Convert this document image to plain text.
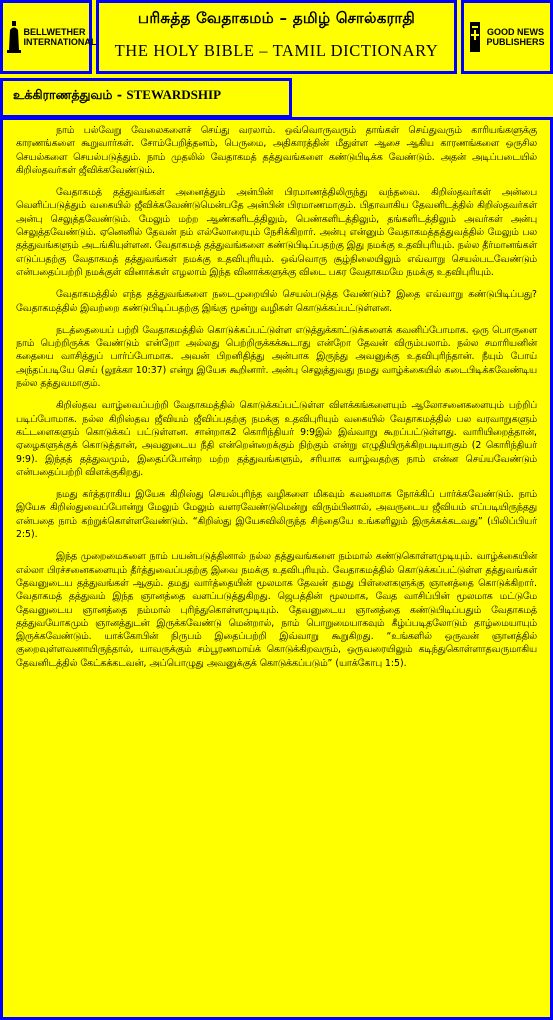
BELLWETHER INTERNATIONAL
பரிசுத்த வேதாகமம் – தமிழ் சொல்கராதி
THE HOLY BIBLE – TAMIL DICTIONARY
GOOD NEWS PUBLISHERS
உக்கிராணத்துவம் - STEWARDSHIP

நாம் பல்வேறு வேலைகளைச் செய்து வரலாம். ஒவ்வொருவரும் தாங்கள் செய்துவரும் காரியங்களுக்கு காரணங்களை கூறுவார்கள். சோம்பேறித்தனம், பெருமை, அதிகாரத்தின் மீதுள்ள ஆசை ஆகிய காரணங்களை ஒருசில செயல்களை செயல்படுத்தும். நாம் முதலில் வேதாகமத் தத்துவங்களை கண்டுபிடிக்க வேண்டும். அதன் அடிப்படையில் கிறிஸ்தவர்கள் ஜீவிக்கவேண்டும்.

வேதாகமத் தத்துவங்கள் அனைத்தும் அன்பின் பிரமாணத்திலிருந்து வந்தவை. கிறிஸ்தவர்கள் அன்பை வெளிப்படுத்தும் வகையில் ஜீவிக்கவேண்டுமென்பதே அன்பின் பிரமாணமாகும். பிதாவாகிய தேவனிடத்தில் கிறிஸ்தவர்கள் அன்பு செலுத்தவேண்டும். மேலும் மற்ற ஆண்களிடத்திலும், பெண்களிடத்திலும், தங்களிடத்திலும் அவர்கள் அன்பு செலுத்தவேண்டும். ஏனெனில் தேவன் நம் எல்லோரையும் நேசிக்கிறார். அன்பு என்னும் வேதாகமத்தத்துவத்தில் மேலும் பல தத்துவங்களும் அடங்கியுள்ளன. வேதாகமத் தத்துவங்களை கண்டுபிடிப்பதற்கு இது நமக்கு உதவிபுரியும். நல்ல தீர்மானங்கள் எடுப்பதற்கு வேதாகமத் தத்துவங்கள் நமக்கு உதவிபுரியும். ஒவ்வொரு சூழ்நிலையிலும் எவ்வாறு செயல்படவேண்டும் என்பதைப்பற்றி நமக்குள் வினாக்கள் எழலாம் இந்த வினாக்களுக்கு விடை பகர வேதாகமமே நமக்கு உதவிபுரியும்.

வேதாகமத்தில் எந்த தத்துவங்களை நடைமுறையில் செயல்படுத்த வேண்டும்? இதை எவ்வாறு கண்டுபிடிப்பது? வேதாகமத்தில் இவற்றை கண்டுபிடிப்பதற்கு இங்கு மூன்று வழிகள் கொடுக்கப்பட்டுள்ளன.

நடத்தையைப் பற்றி வேதாகமத்தில் கொடுக்கப்பட்டுள்ள எடுத்துக்காட்டுக்களைக் கவனிப்போமாக. ஒரு பொருளை நாம் பெற்றிருக்க வேண்டும் என்றோ அல்லது பெற்றிருக்கக்கூடாது என்றோ தேவன் விரும்பலாம். நல்ல சமாரியனின் கதையை வாசித்துப் பார்ப்போமாக. அவன் பிறனிதித்து அன்பாக இருந்து அவனுக்கு உதவிபுரிந்தான். நீயும் போய் அந்தப்படியே செய் (லூக்கா 10:37) என்று இயேசு கூறினார். அன்பு செலுத்துவது நமது வாழ்க்கையில் கடைபிடிக்கவேண்டிய நல்ல தத்துவமாகும்.

கிறிஸ்தவ வாழ்வைப்பற்றி வேதாகமத்தில் கொடுக்கப்பட்டுள்ள விளக்கங்களையும் ஆலோசனைகளையும் பற்றிப் படிப்போமாக. நல்ல கிறிஸ்தவ ஜீவியம் ஜீவிப்பதற்கு நமக்கு உதவிபுரியும் வகையில் வேதாகமத்தில் பல வரவாறுகளும் கட்டளைகளும் கொடுக்கப் பட்டுள்ளன. சான்றாக2 கொரிந்தியர் 9:9இல் இவ்வாறு கூறப்பட்டுள்ளது. வாரியிறைத்தான், ஏழைகளுக்குக் கொடுத்தான், அவனுடைய நீதி என்றென்றைக்கும் நிற்கும் என்று எழுதியிருக்கிறபடியாகும் (2 கொரிந்தியர் 9:9). இந்தத் தத்துவமும், இதைப்போன்ற மற்ற தத்துவங்களும், சரியாக வாழ்வதற்கு நாம் என்ன செய்யவேண்டும் என்பதைப்பற்றி விளக்குகிறது.

நமது கர்த்தராகிய இயேசு கிறிஸ்து செயல்புரிந்த வழிகளை மிகவும் கவனமாக நோக்கிப் பார்க்கவேண்டும். நாம் இயேசு கிறிஸ்துவைப்போன்று மேலும் மேலும் வளரவேண்டுமென்று விரும்பினால், அவருடைய ஜீவியம் எப்படியிருந்தது என்பதை நாம் கற்றுக்கொள்ளவேண்டும். “கிறிஸ்து இயேசுவிலிருந்த சிந்தையே உங்களிலும் இருக்கக்கடவது” (பிலிப்பியர் 2:5).

இந்த முறைமைகளை நாம் பயன்படுத்தினால் நல்ல தத்துவங்களை நம்மால் கண்டுகொள்ளமுடியும். வாழ்க்கையின் எல்லா பிரச்சனைகளையும் தீர்த்துவைப்பதற்கு இவை நமக்கு உதவிபுரியும். வேதாகமத்தில் கொடுக்கப்பட்டுள்ள தத்துவங்கள் தேவனுடைய தத்துவங்கள் ஆகும். தமது வார்த்தையின் மூலமாக தேவன் தமது பிள்ளைகளுக்கு ஞானத்தை கொடுக்கிறார். வேதாகமத் தத்துவம் இந்த ஞானத்தை வளப்படுத்துகிறது. ஜெபத்தின் மூலமாக, வேத வாசிப்பின் மூலமாக மட்டுமே தேவனுடைய ஞானத்தை நம்மால் புரிந்துகொள்ளமுடியும். தேவனுடைய ஞானத்தை கண்டுபிடிப்பதும் வேதாகமத் தத்துவயோகமும் ஞானத்துடன் இருக்கவேண்டு மென்றால், நாம் பொறுமையாகவும் கீழ்ப்படிதலோடும் தாழ்மையாயும் இருக்கவேண்டும். யாக்கோபின் நிருபம் இதைப்பற்றி இவ்வாறு கூறுகிறது. “உங்களில் ஒருவன் ஞானத்தில் குறைவுள்ளவனாயிருந்தால், யாவருக்கும் சம்பூரணமாய்க் கொடுக்கிறவரும், ஒருவரையிலும் கடிந்துகொள்ளாதவருமாகிய தேவனிடத்தில் கேட்கக்கடவன், அப்பொழுது அவனுக்குக் கொடுக்கப்படும்” (யாக்கோபு 1:5).
